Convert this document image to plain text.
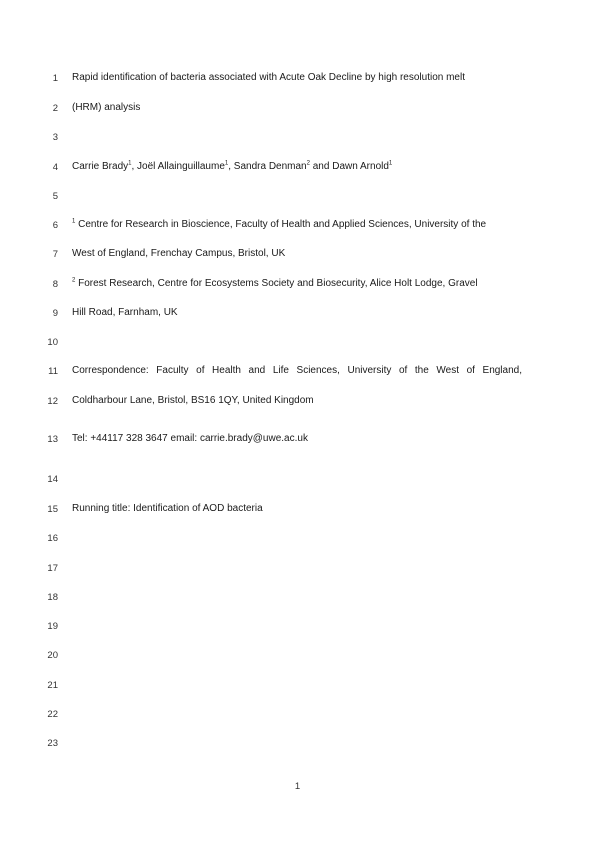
1
2
3
4
5
6
7
8
9
10
11
12
13
14
15
16
17
18
19
20
21
22
23
Rapid identification of bacteria associated with Acute Oak Decline by high resolution melt
(HRM) analysis
Carrie Brady$^1$, Joël Allainguillaume$^1$, Sandra Denman$^2$ and Dawn Arnold$^1$
$^1$ Centre for Research in Bioscience, Faculty of Health and Applied Sciences, University of the
West of England, Frenchay Campus, Bristol, UK
$^2$ Forest Research, Centre for Ecosystems Society and Biosecurity, Alice Holt Lodge, Gravel
Hill Road, Farnham, UK
Correspondence: Faculty of Health and Life Sciences, University of the West of England,
Coldharbour Lane, Bristol, BS16 1QY, United Kingdom
Tel: +44117 328 3647 email: carrie.brady@uwe.ac.uk
Running title: Identification of AOD bacteria
1
